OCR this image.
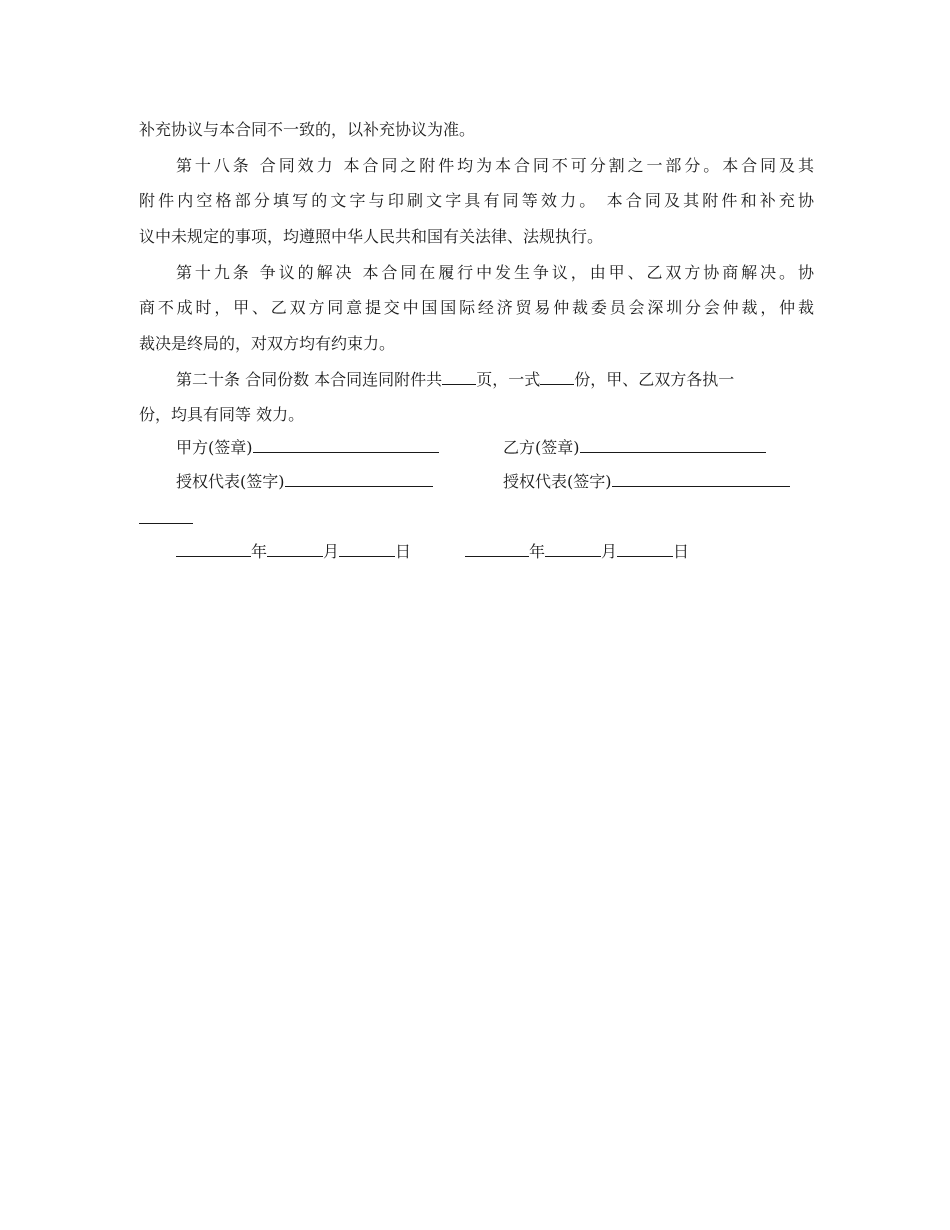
补充协议与本合同不一致的，以补充协议为准。
第十八条 合同效力 本合同之附件均为本合同不可分割之一部分。本合同及其
附件内空格部分填写的文字与印刷文字具有同等效力。 本合同及其附件和补充协
议中未规定的事项，均遵照中华人民共和国有关法律、法规执行。
第十九条 争议的解决 本合同在履行中发生争议，由甲、乙双方协商解决。协
商不成时，甲、乙双方同意提交中国国际经济贸易仲裁委员会深圳分会仲裁，仲裁
裁决是终局的，对双方均有约束力。
第二十条 合同份数 本合同连同附件共 页，一式 份，甲、乙双方各执一
份，均具有同等 效力。
甲方(签章)	乙方(签章)
授权代表(签字)	授权代表(签字)
年	月	日	年	月	日
